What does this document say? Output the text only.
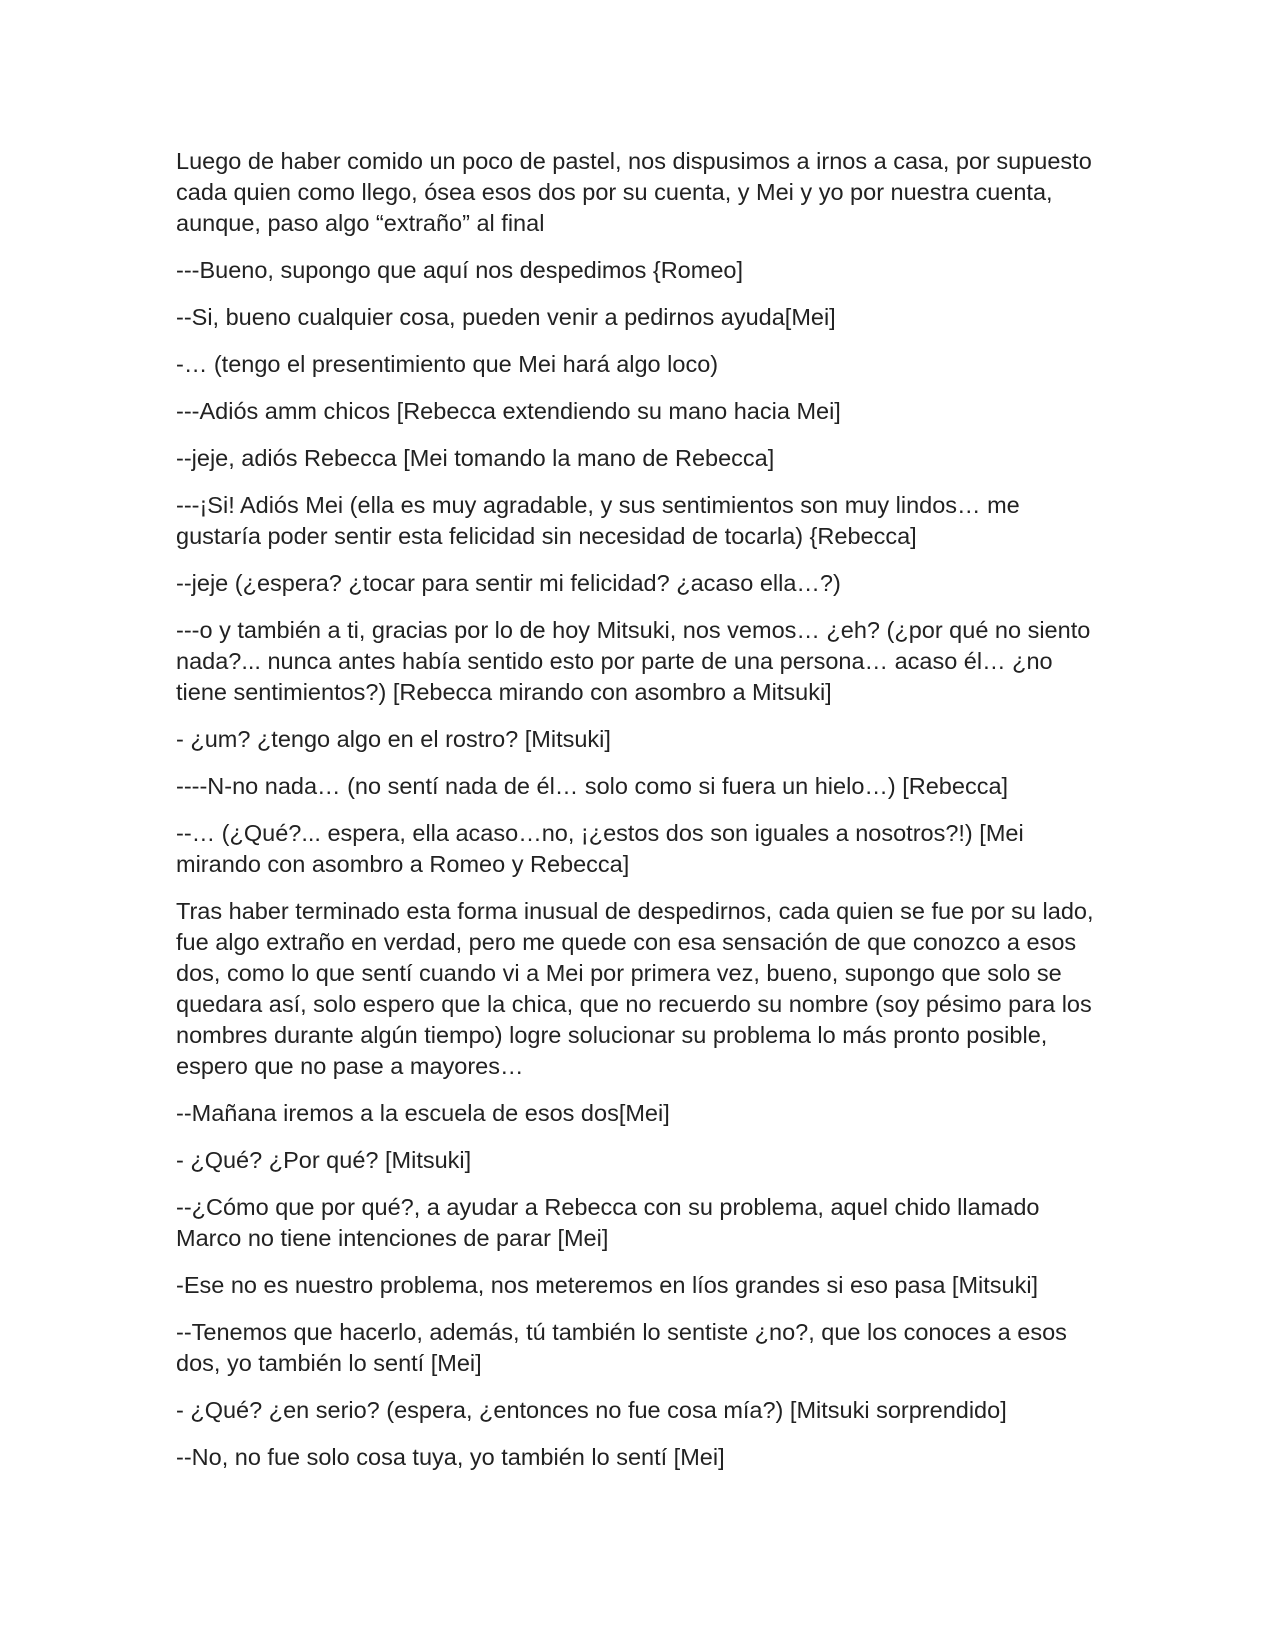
Luego de haber comido un poco de pastel, nos dispusimos a irnos a casa, por supuesto cada quien como llego, ósea esos dos por su cuenta, y Mei y yo por nuestra cuenta, aunque, paso algo “extraño” al final

---Bueno, supongo que aquí nos despedimos {Romeo]

--Si, bueno cualquier cosa, pueden venir a pedirnos ayuda[Mei]

-… (tengo el presentimiento que Mei hará algo loco)

---Adiós amm chicos [Rebecca extendiendo su mano hacia Mei]

--jeje, adiós Rebecca [Mei tomando la mano de Rebecca]

---¡Si! Adiós Mei (ella es muy agradable, y sus sentimientos son muy lindos… me gustaría poder sentir esta felicidad sin necesidad de tocarla) {Rebecca]

--jeje (¿espera? ¿tocar para sentir mi felicidad? ¿acaso ella…?)

---o y también a ti, gracias por lo de hoy Mitsuki, nos vemos… ¿eh? (¿por qué no siento nada?... nunca antes había sentido esto por parte de una persona… acaso él… ¿no tiene sentimientos?) [Rebecca mirando con asombro a Mitsuki]

- ¿um? ¿tengo algo en el rostro? [Mitsuki]

----N-no nada… (no sentí nada de él… solo como si fuera un hielo…) [Rebecca]

--… (¿Qué?... espera, ella acaso…no, ¡¿estos dos son iguales a nosotros?!) [Mei mirando con asombro a Romeo y Rebecca]

Tras haber terminado esta forma inusual de despedirnos, cada quien se fue por su lado, fue algo extraño en verdad, pero me quede con esa sensación de que conozco a esos dos, como lo que sentí cuando vi a Mei por primera vez, bueno, supongo que solo se quedara así, solo espero que la chica, que no recuerdo su nombre (soy pésimo para los nombres durante algún tiempo) logre solucionar su problema lo más pronto posible, espero que no pase a mayores…

--Mañana iremos a la escuela de esos dos[Mei]

- ¿Qué? ¿Por qué? [Mitsuki]

--¿Cómo que por qué?, a ayudar a Rebecca con su problema, aquel chido llamado Marco no tiene intenciones de parar [Mei]

-Ese no es nuestro problema, nos meteremos en líos grandes si eso pasa [Mitsuki]

--Tenemos que hacerlo, además, tú también lo sentiste ¿no?, que los conoces a esos dos, yo también lo sentí [Mei]

- ¿Qué? ¿en serio? (espera, ¿entonces no fue cosa mía?) [Mitsuki sorprendido]

--No, no fue solo cosa tuya, yo también lo sentí [Mei]
